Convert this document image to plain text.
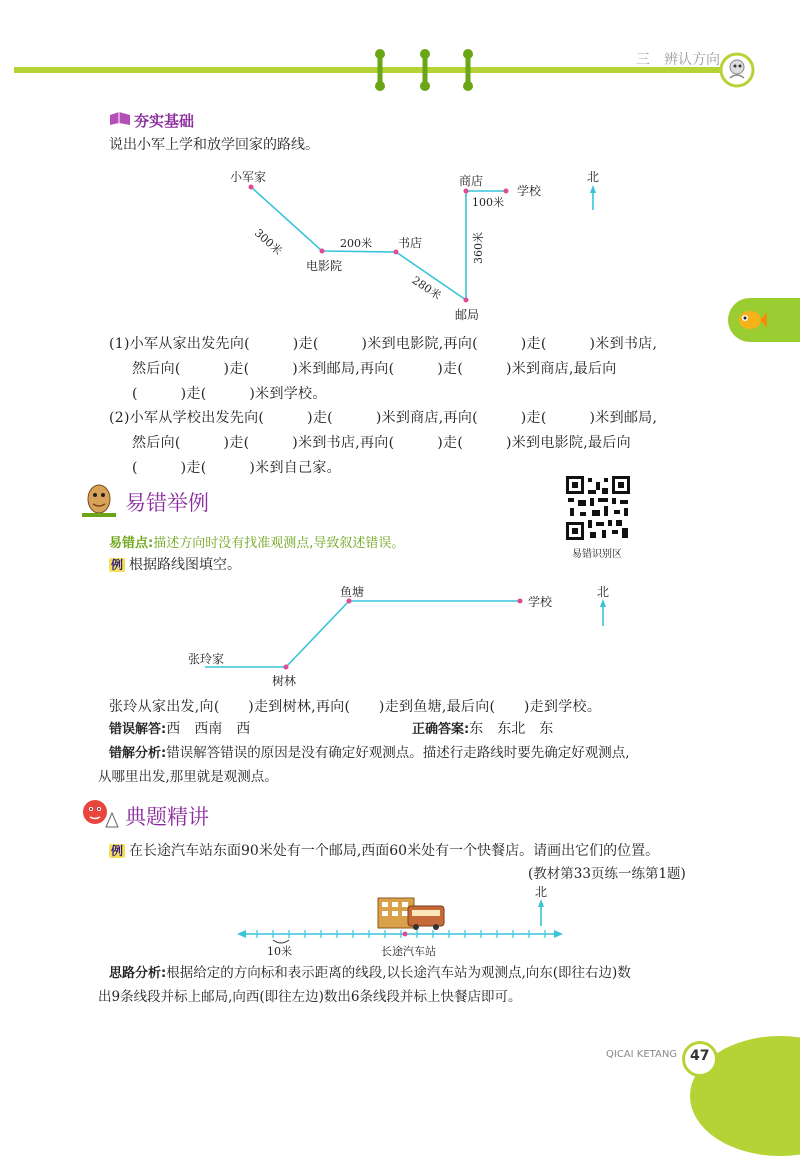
三 辨认方向
夯实基础
说出小军上学和放学回家的路线。
小军家
电影院
书店
邮局
商店
学校
北
300米	200米
280米
360米
100米
(1)小军从家出发先向(　　　)走(　　　)米到电影院,再向(　　　)走(　　　)米到书店,
然后向(　　　)走(　　　)米到邮局,再向(　　　)走(　　　)米到商店,最后向
(　　　)走(　　　)米到学校。
(2)小军从学校出发先向(　　　)走(　　　)米到商店,再向(　　　)走(　　　)米到邮局,
然后向(　　　)走(　　　)米到书店,再向(　　　)走(　　　)米到电影院,最后向
(　　　)走(　　　)米到自己家。
易错举例
易错识别区
易错点:描述方向时没有找准观测点,导致叙述错误。
例 根据路线图填空。
张玲家
树林
鱼塘
学校
北
张玲从家出发,向(　　)走到树林,再向(　　)走到鱼塘,最后向(　　)走到学校。
错误解答:西　西南　西	正确答案:东　东北　东
错解分析:错误解答错误的原因是没有确定好观测点。描述行走路线时要先确定好观测点,
从哪里出发,那里就是观测点。
典题精讲
例 在长途汽车站东面90米处有一个邮局,西面60米处有一个快餐店。请画出它们的位置。
(教材第33页练一练第1题)
北
10米	长途汽车站
思路分析:根据给定的方向标和表示距离的线段,以长途汽车站为观测点,向东(即往右边)数
出9条线段并标上邮局,向西(即往左边)数出6条线段并标上快餐店即可。
QICAI KETANG 47
